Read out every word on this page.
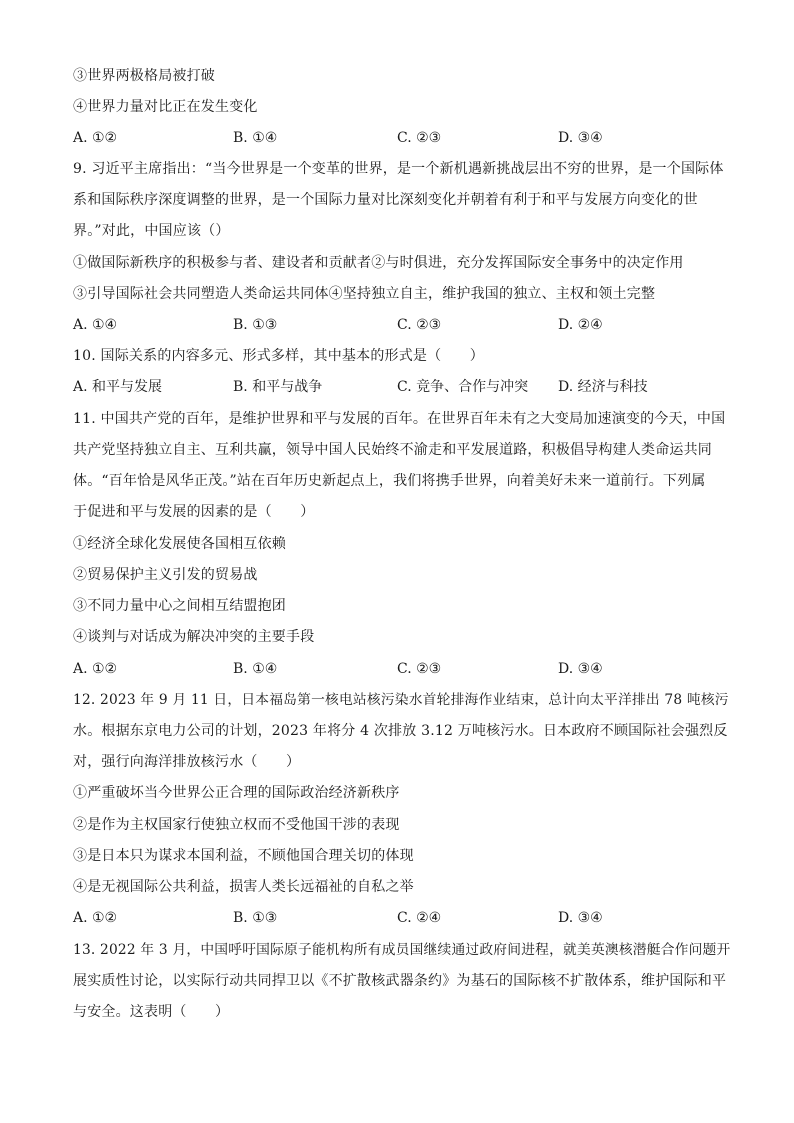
③世界两极格局被打破
④世界力量对比正在发生变化
A. ①②	B. ①④	C. ②③	D. ③④
9. 习近平主席指出：“当今世界是一个变革的世界，是一个新机遇新挑战层出不穷的世界，是一个国际体
系和国际秩序深度调整的世界，是一个国际力量对比深刻变化并朝着有利于和平与发展方向变化的世
界。”对此，中国应该（）
①做国际新秩序的积极参与者、建设者和贡献者②与时俱进，充分发挥国际安全事务中的决定作用
③引导国际社会共同塑造人类命运共同体④坚持独立自主，维护我国的独立、主权和领土完整
A. ①④	B. ①③	C. ②③	D. ②④
10. 国际关系的内容多元、形式多样，其中基本的形式是（　　）
A. 和平与发展	B. 和平与战争	C. 竞争、合作与冲突 D. 经济与科技
11. 中国共产党的百年，是维护世界和平与发展的百年。在世界百年未有之大变局加速演变的今天，中国
共产党坚持独立自主、互利共赢，领导中国人民始终不渝走和平发展道路，积极倡导构建人类命运共同
体。“百年恰是风华正茂。”站在百年历史新起点上，我们将携手世界，向着美好未来一道前行。下列属
于促进和平与发展的因素的是（　　）
①经济全球化发展使各国相互依赖
②贸易保护主义引发的贸易战
③不同力量中心之间相互结盟抱团
④谈判与对话成为解决冲突的主要手段
A. ①②	B. ①④	C. ②③	D. ③④
12. 2023 年 9 月 11 日，日本福岛第一核电站核污染水首轮排海作业结束，总计向太平洋排出 78 吨核污
水。根据东京电力公司的计划，2023 年将分 4 次排放 3.12 万吨核污水。日本政府不顾国际社会强烈反
对，强行向海洋排放核污水（　　）
①严重破坏当今世界公正合理的国际政治经济新秩序
②是作为主权国家行使独立权而不受他国干涉的表现
③是日本只为谋求本国利益，不顾他国合理关切的体现
④是无视国际公共利益，损害人类长远福祉的自私之举
A. ①②	B. ①③	C. ②④	D. ③④
13. 2022 年 3 月，中国呼吁国际原子能机构所有成员国继续通过政府间进程，就美英澳核潜艇合作问题开
展实质性讨论，以实际行动共同捍卫以《不扩散核武器条约》为基石的国际核不扩散体系，维护国际和平
与安全。这表明（　　）
